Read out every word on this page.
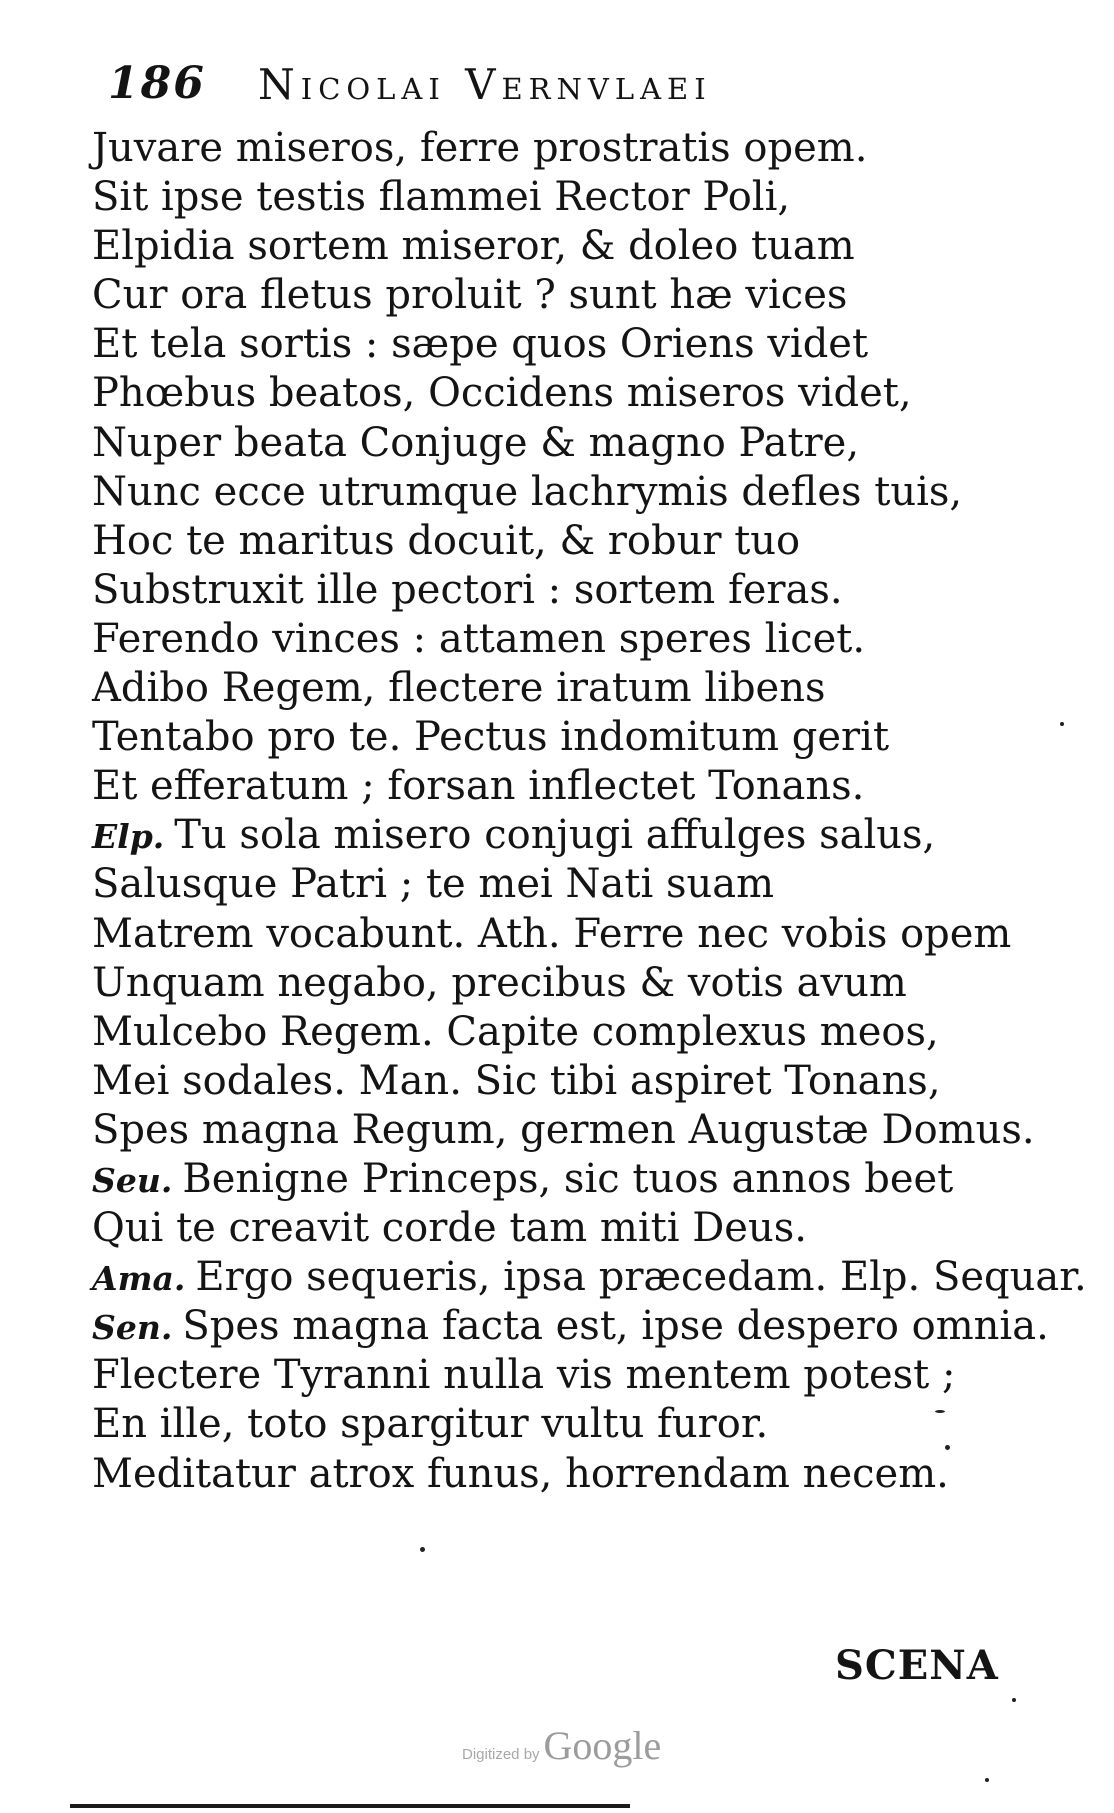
186 Nicolai Vernvlaei
Juvare miseros, ferre prostratis opem.
Sit ipse testis flammei Rector Poli,
Elpidia sortem miseror, & doleo tuam
Cur ora fletus proluit ? sunt hæ vices
Et tela sortis : sæpe quos Oriens videt
Phœbus beatos, Occidens miseros videt,
Nuper beata Conjuge & magno Patre,
Nunc ecce utrumque lachrymis defles tuis,
Hoc te maritus docuit, & robur tuo
Substruxit ille pectori : sortem feras.
Ferendo vinces : attamen speres licet.
Adibo Regem, flectere iratum libens
Tentabo pro te. Pectus indomitum gerit
Et efferatum ; forsan inflectet Tonans.
Elp. Tu sola misero conjugi affulges salus,
Salusque Patri ; te mei Nati suam
Matrem vocabunt. Ath. Ferre nec vobis opem
Unquam negabo, precibus & votis avum
Mulcebo Regem. Capite complexus meos,
Mei sodales. Man. Sic tibi aspiret Tonans,
Spes magna Regum, germen Augustæ Domus.
Seu. Benigne Princeps, sic tuos annos beet
Qui te creavit corde tam miti Deus.
Ama. Ergo sequeris, ipsa præcedam. Elp. Sequar.
Sen. Spes magna facta est, ipse despero omnia.
Flectere Tyranni nulla vis mentem potest ;
En ille, toto spargitur vultu furor.
Meditatur atrox funus, horrendam necem.
SCENA
Digitized by Google
